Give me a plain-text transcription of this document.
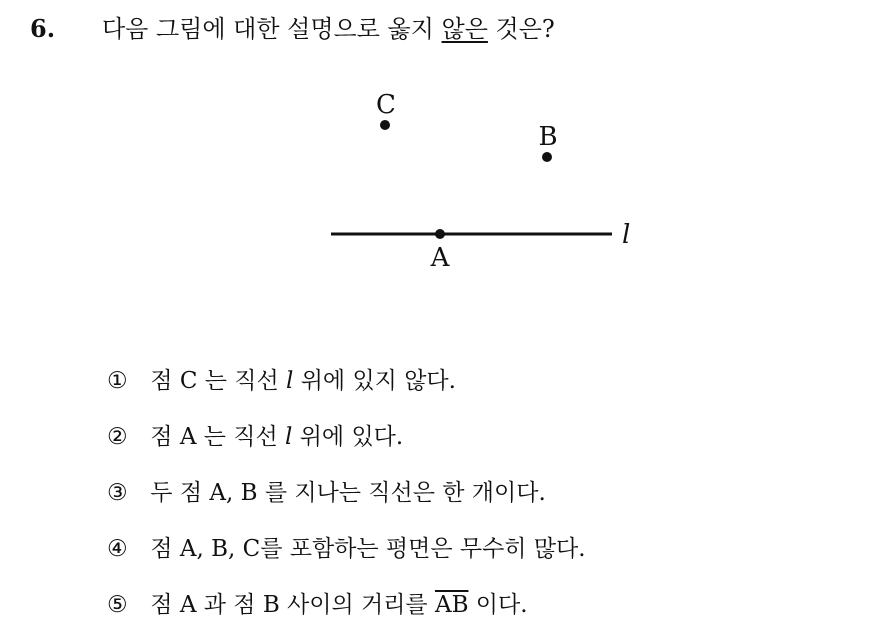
6. 다음 그림에 대한 설명으로 옳지 않은 것은?
A
B
C
l
① 점 C 는 직선 l 위에 있지 않다.
② 점 A 는 직선 l 위에 있다.
③ 두 점 A, B 를 지나는 직선은 한 개이다.
④ 점 A, B, C를 포함하는 평면은 무수히 많다.
⑤ 점 A 과 점 B 사이의 거리를 $\overline{AB}$ 이다.
